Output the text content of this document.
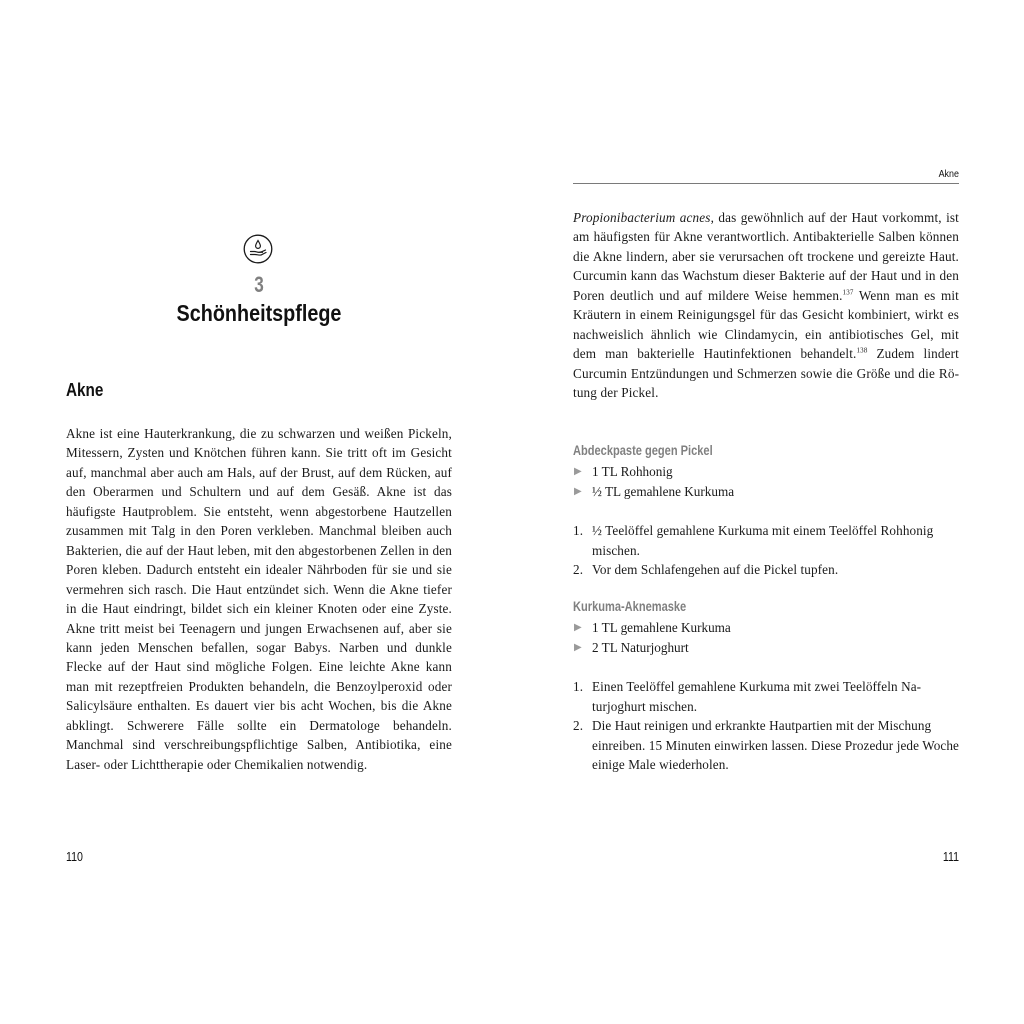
3
Schönheitspflege
Akne

Akne ist eine Hauterkrankung, die zu schwarzen und weißen Pickeln, Mitessern, Zysten und Knötchen führen kann. Sie tritt oft im Gesicht auf, manchmal aber auch am Hals, auf der Brust, auf dem Rücken, auf den Oberarmen und Schultern und auf dem Gesäß. Akne ist das häufigste Hautproblem. Sie entsteht, wenn abgestorbene Hautzellen zusammen mit Talg in den Poren verkleben. Manchmal bleiben auch Bakterien, die auf der Haut leben, mit den abgestorbenen Zellen in den Poren kleben. Dadurch entsteht ein idealer Nährboden für sie und sie vermehren sich rasch. Die Haut entzündet sich. Wenn die Akne tiefer in die Haut eindringt, bildet sich ein kleiner Knoten oder eine Zyste. Akne tritt meist bei Teenagern und jungen Erwachsenen auf, aber sie kann jeden Menschen befallen, sogar Babys. Narben und dunkle Flecke auf der Haut sind mögliche Folgen. Eine leichte Akne kann man mit rezeptfreien Produkten behandeln, die Benzoylperoxid oder Salicylsäure enthalten. Es dauert vier bis acht Wochen, bis die Akne abklingt. Schwerere Fälle sollte ein Dermatologe behandeln. Manchmal sind verschreibungspflichtige Salben, Antibiotika, eine Laser- oder Lichttherapie oder Chemikalien notwendig.

110
Akne

Propionibacterium acnes, das gewöhnlich auf der Haut vorkommt, ist am häufigsten für Akne verantwortlich. Antibakterielle Salben können die Akne lindern, aber sie verursachen oft trockene und gereizte Haut. Curcumin kann das Wachstum dieser Bakterie auf der Haut und in den Poren deutlich und auf mildere Weise hemmen.$^{137}$ Wenn man es mit Kräutern in einem Reinigungsgel für das Gesicht kombiniert, wirkt es nachweislich ähnlich wie Clindamycin, ein antibiotisches Gel, mit dem man bakterielle Hautinfektionen behandelt.$^{138}$ Zudem lindert Curcumin Entzündungen und Schmerzen sowie die Größe und die Rötung der Pickel.

Abdeckpaste gegen Pickel
▶ 1 TL Rohhonig
▶ ½ TL gemahlene Kurkuma
1. ½ Teelöffel gemahlene Kurkuma mit einem Teelöffel Rohhonig mischen.
2. Vor dem Schlafengehen auf die Pickel tupfen.
Kurkuma-Aknemaske
▶ 1 TL gemahlene Kurkuma
▶ 2 TL Naturjoghurt
1. Einen Teelöffel gemahlene Kurkuma mit zwei Teelöffeln Naturjoghurt mischen.
2. Die Haut reinigen und erkrankte Hautpartien mit der Mischung einreiben. 15 Minuten einwirken lassen. Diese Prozedur jede Woche einige Male wiederholen.
111
